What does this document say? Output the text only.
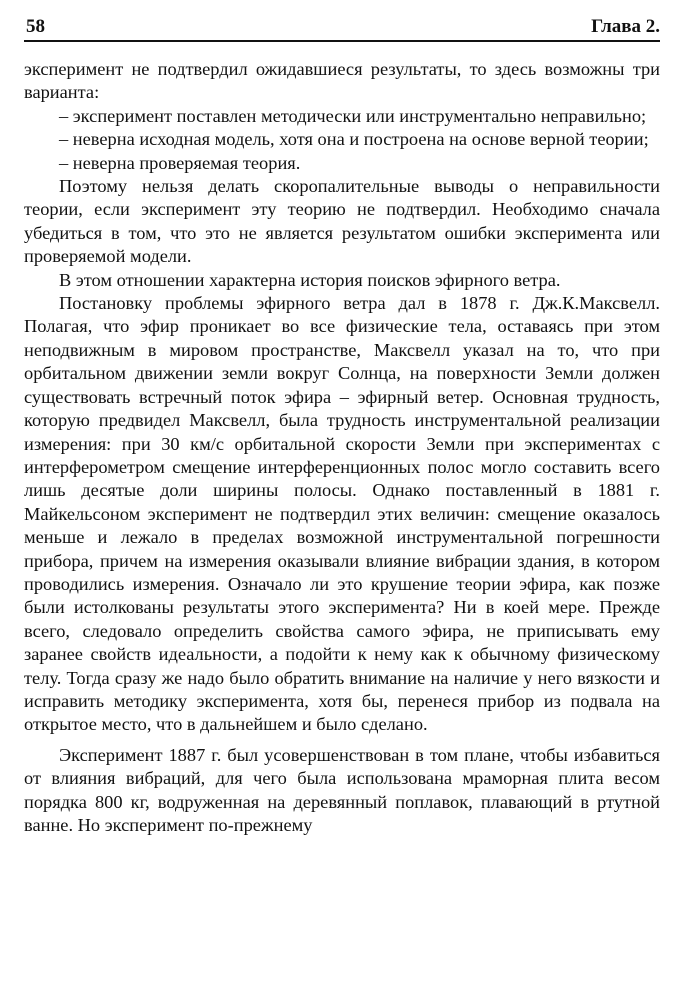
58	Глава 2.

эксперимент не подтвердил ожидавшиеся результаты, то здесь возможны три варианта:

– эксперимент поставлен методически или инструментально неправильно;

– неверна исходная модель, хотя она и построена на основе верной теории;

– неверна проверяемая теория.

Поэтому нельзя делать скоропалительные выводы о неправильности теории, если эксперимент эту теорию не подтвердил. Необходимо сначала убедиться в том, что это не является результатом ошибки эксперимента или проверяемой модели.

В этом отношении характерна история поисков эфирного ветра.

Постановку проблемы эфирного ветра дал в 1878 г. Дж.К.Максвелл. Полагая, что эфир проникает во все физические тела, оставаясь при этом неподвижным в мировом пространстве, Максвелл указал на то, что при орбитальном движении земли вокруг Солнца, на поверхности Земли должен существовать встречный поток эфира – эфирный ветер. Основная трудность, которую предвидел Максвелл, была трудность инструментальной реализации измерения: при 30 км/с орбитальной скорости Земли при экспериментах с интерферометром смещение интерференционных полос могло составить всего лишь десятые доли ширины полосы. Однако поставленный в 1881 г. Майкельсоном эксперимент не подтвердил этих величин: смещение оказалось меньше и лежало в пределах возможной инструментальной погрешности прибора, причем на измерения оказывали влияние вибрации здания, в котором проводились измерения. Означало ли это крушение теории эфира, как позже были истолкованы результаты этого эксперимента? Ни в коей мере. Прежде всего, следовало определить свойства самого эфира, не приписывать ему заранее свойств идеальности, а подойти к нему как к обычному физическому телу. Тогда сразу же надо было обратить внимание на наличие у него вязкости и исправить методику эксперимента, хотя бы, перенеся прибор из подвала на открытое место, что в дальнейшем и было сделано.

Эксперимент 1887 г. был усовершенствован в том плане, чтобы избавиться от влияния вибраций, для чего была использована мраморная плита весом порядка 800 кг, водруженная на деревянный поплавок, плавающий в ртутной ванне. Но эксперимент по-прежнему
